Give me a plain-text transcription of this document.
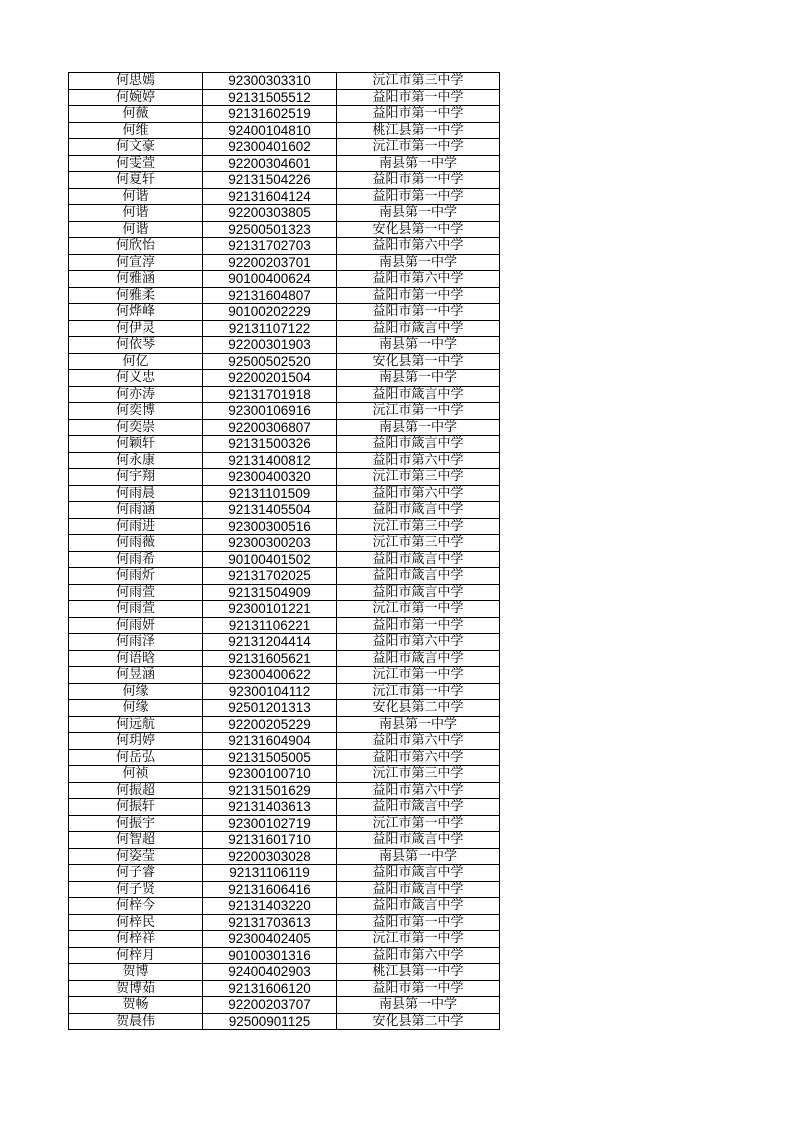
何思嫣	92300303310	沅江市第三中学
何婉婷	92131505512	益阳市第一中学
何薇	92131602519	益阳市第一中学
何维	92400104810	桃江县第一中学
何文豪	92300401602	沅江市第一中学
何雯萱	92200304601	南县第一中学
何夏轩	92131504226	益阳市第一中学
何谐	92131604124	益阳市第一中学
何谐	92200303805	南县第一中学
何谐	92500501323	安化县第一中学
何欣怡	92131702703	益阳市第六中学
何宣淳	92200203701	南县第一中学
何雅涵	90100400624	益阳市第六中学
何雅柔	92131604807	益阳市第一中学
何烨峰	90100202229	益阳市第一中学
何伊灵	92131107122	益阳市箴言中学
何依琴	92200301903	南县第一中学
何亿	92500502520	安化县第一中学
何义忠	92200201504	南县第一中学
何亦涛	92131701918	益阳市箴言中学
何奕博	92300106916	沅江市第一中学
何奕崇	92200306807	南县第一中学
何颖轩	92131500326	益阳市箴言中学
何永康	92131400812	益阳市第六中学
何宇翔	92300400320	沅江市第三中学
何雨晨	92131101509	益阳市第六中学
何雨涵	92131405504	益阳市箴言中学
何雨进	92300300516	沅江市第三中学
何雨薇	92300300203	沅江市第三中学
何雨希	90100401502	益阳市箴言中学
何雨炘	92131702025	益阳市箴言中学
何雨萱	92131504909	益阳市箴言中学
何雨萱	92300101221	沅江市第一中学
何雨妍	92131106221	益阳市第一中学
何雨泽	92131204414	益阳市第六中学
何语晗	92131605621	益阳市箴言中学
何昱涵	92300400622	沅江市第一中学
何缘	92300104112	沅江市第一中学
何缘	92501201313	安化县第二中学
何远航	92200205229	南县第一中学
何玥婷	92131604904	益阳市第六中学
何岳弘	92131505005	益阳市第六中学
何祯	92300100710	沅江市第三中学
何振超	92131501629	益阳市第六中学
何振轩	92131403613	益阳市箴言中学
何振宇	92300102719	沅江市第一中学
何智超	92131601710	益阳市箴言中学
何姿莹	92200303028	南县第一中学
何子睿	92131106119	益阳市箴言中学
何子贤	92131606416	益阳市箴言中学
何梓今	92131403220	益阳市箴言中学
何梓民	92131703613	益阳市第一中学
何梓祥	92300402405	沅江市第一中学
何梓月	90100301316	益阳市第六中学
贺博	92400402903	桃江县第一中学
贺博茹	92131606120	益阳市第一中学
贺畅	92200203707	南县第一中学
贺晨伟	92500901125	安化县第二中学
